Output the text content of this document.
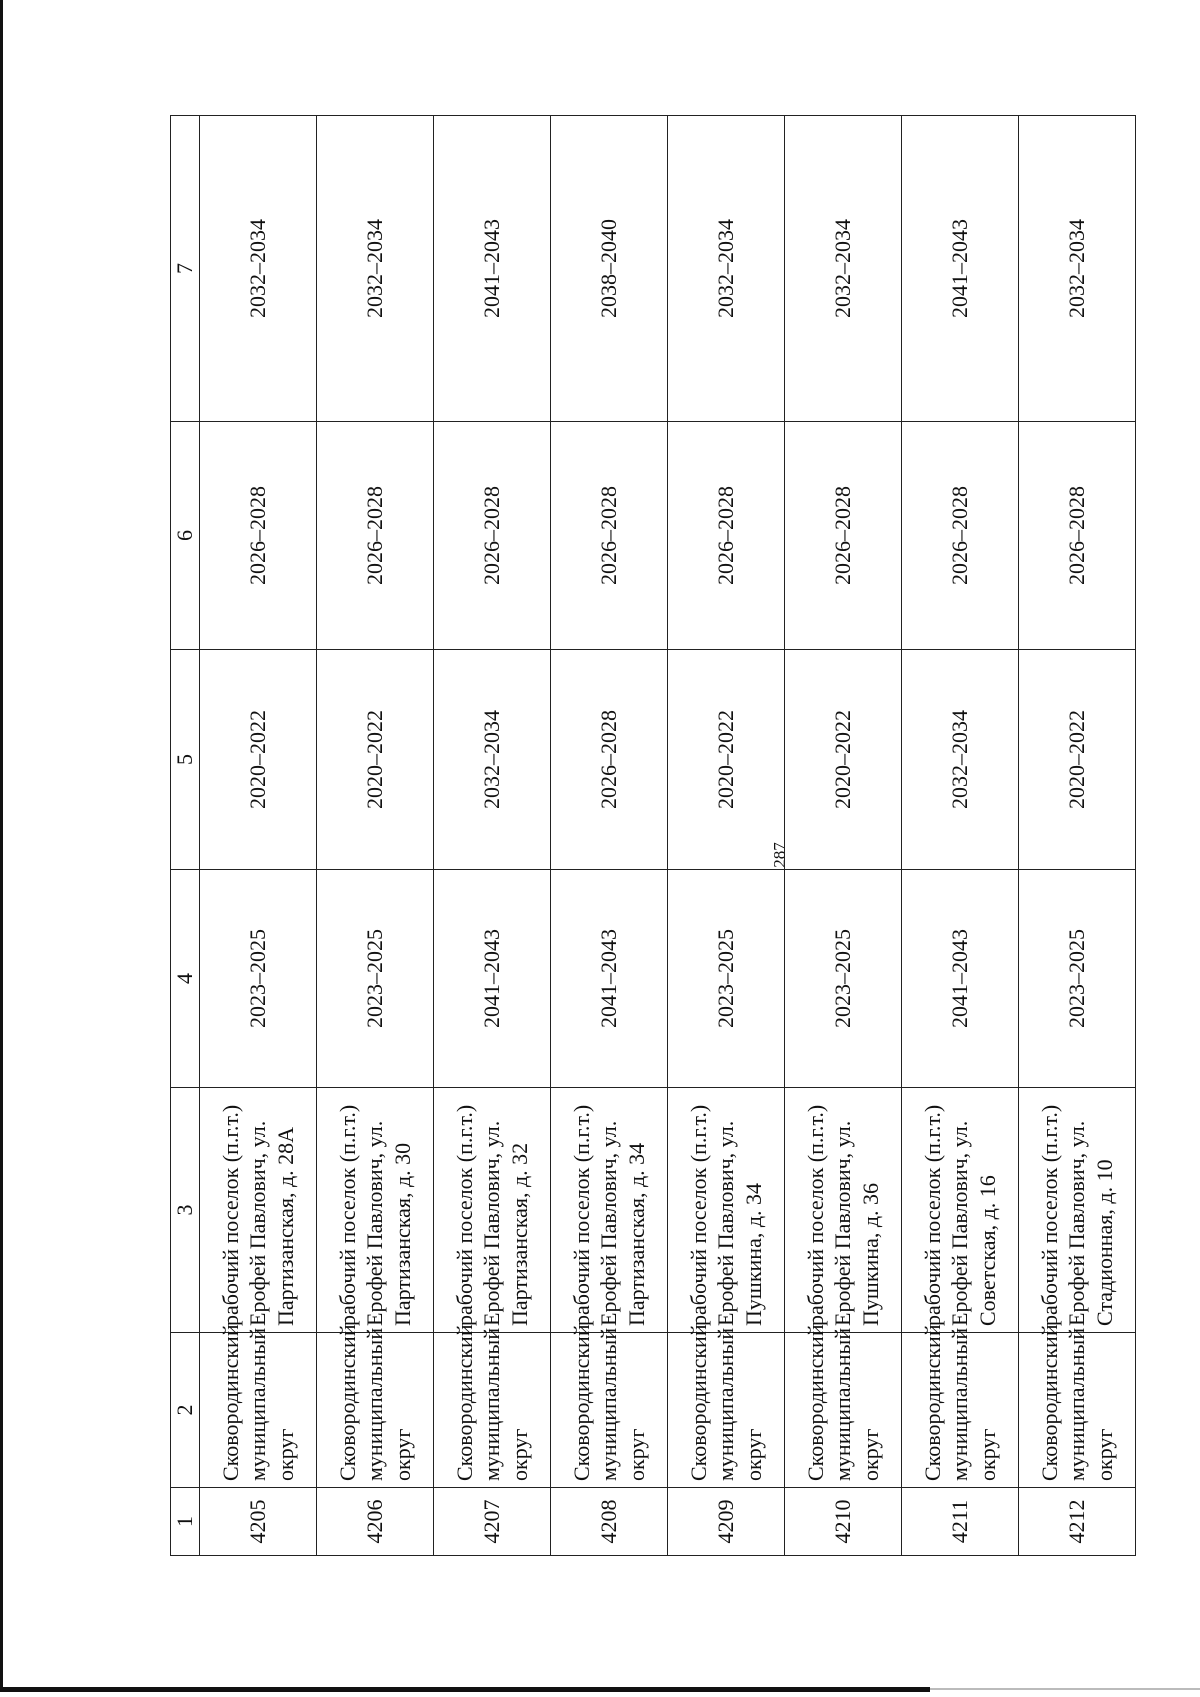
287
1	2	3	4	5	6	7
4205	Сковородинский муниципальный округ	рабочий поселок (п.г.т.) Ерофей Павлович, ул. Партизанская, д. 28А	2023–2025	2020–2022	2026–2028	2032–2034
4206	Сковородинский муниципальный округ	рабочий поселок (п.г.т.) Ерофей Павлович, ул. Партизанская, д. 30	2023–2025	2020–2022	2026–2028	2032–2034
4207	Сковородинский муниципальный округ	рабочий поселок (п.г.т.) Ерофей Павлович, ул. Партизанская, д. 32	2041–2043	2032–2034	2026–2028	2041–2043
4208	Сковородинский муниципальный округ	рабочий поселок (п.г.т.) Ерофей Павлович, ул. Партизанская, д. 34	2041–2043	2026–2028	2026–2028	2038–2040
4209	Сковородинский муниципальный округ	рабочий поселок (п.г.т.) Ерофей Павлович, ул. Пушкина, д. 34	2023–2025	2020–2022	2026–2028	2032–2034
4210	Сковородинский муниципальный округ	рабочий поселок (п.г.т.) Ерофей Павлович, ул. Пушкина, д. 36	2023–2025	2020–2022	2026–2028	2032–2034
4211	Сковородинский муниципальный округ	рабочий поселок (п.г.т.) Ерофей Павлович, ул. Советская, д. 16	2041–2043	2032–2034	2026–2028	2041–2043
4212	Сковородинский муниципальный округ	рабочий поселок (п.г.т.) Ерофей Павлович, ул. Стадионная, д. 10	2023–2025	2020–2022	2026–2028	2032–2034
